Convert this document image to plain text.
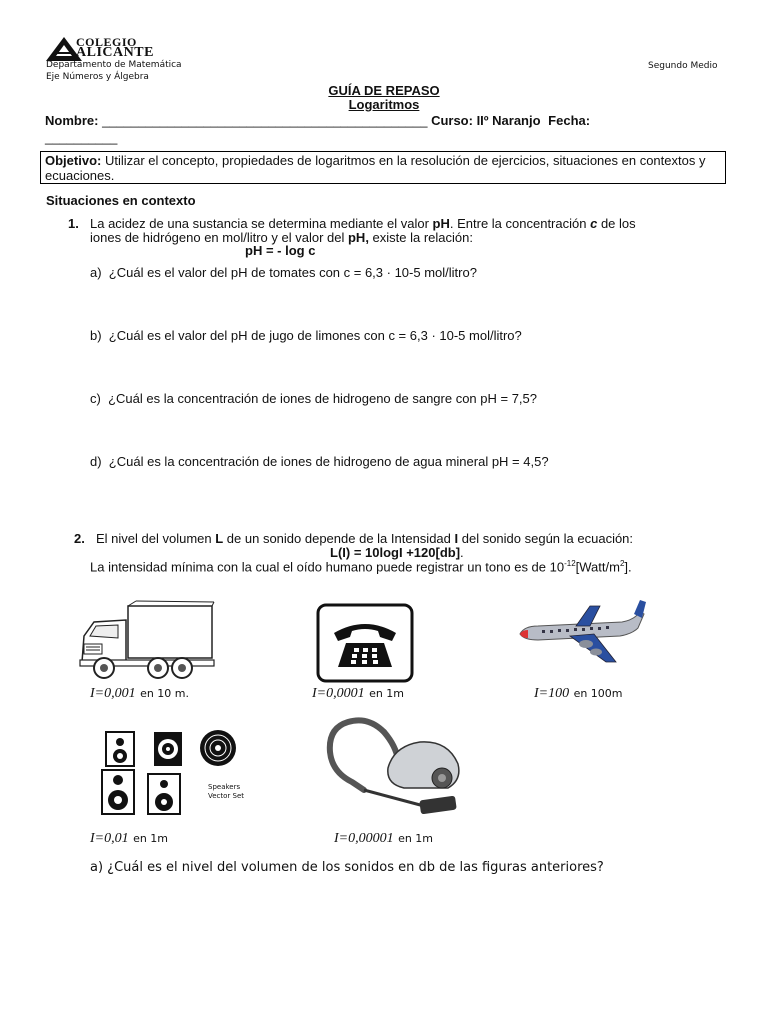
COLEGIO
ALICANTE
Departamento de Matemática
Eje Números y Álgebra
Segundo Medio
GUÍA DE REPASO
Logaritmos
Nombre: _____________________________________________ Curso: IIº Naranjo Fecha:
__________
Objetivo: Utilizar el concepto, propiedades de logaritmos en la resolución de ejercicios, situaciones en contextos y ecuaciones.
Situaciones en contexto
1. La acidez de una sustancia se determina mediante el valor pH. Entre la concentración c de los
iones de hidrógeno en mol/litro y el valor del pH, existe la relación:
pH = - log c
a) ¿Cuál es el valor del pH de tomates con c = 6,3 · 10-5 mol/litro?
b) ¿Cuál es el valor del pH de jugo de limones con c = 6,3 · 10-5 mol/litro?
c) ¿Cuál es la concentración de iones de hidrogeno de sangre con pH = 7,5?
d) ¿Cuál es la concentración de iones de hidrogeno de agua mineral pH = 4,5?
2. El nivel del volumen L de un sonido depende de la Intensidad I del sonido según la ecuación:
L(I) = 10logI +120[db].
La intensidad mínima con la cual el oído humano puede registrar un tono es de $10^{-12}[Watt/m^2]$.
I=0,001 en 10 m.	I=0,0001 en 1m	I=100 en 100m
Speakers
Vector Set
I=0,01 en 1m	I=0,00001 en 1m
a) ¿Cuál es el nivel del volumen de los sonidos en db de las figuras anteriores?
